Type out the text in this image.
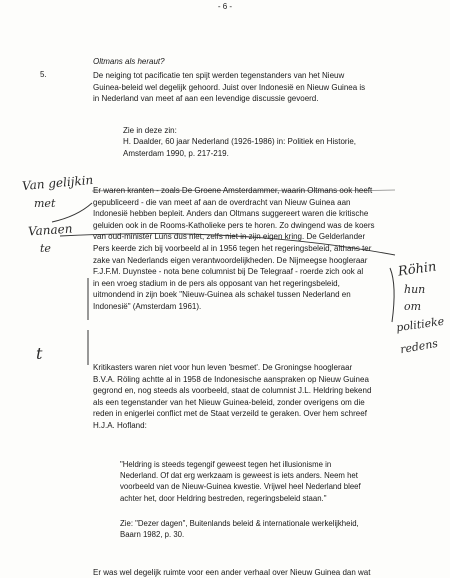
- 6 -
Oltmans als heraut?
5.	De neiging tot pacificatie ten spijt werden tegenstanders van het Nieuw
Guinea-beleid wel degelijk gehoord. Juist over Indonesië en Nieuw Guinea is
in Nederland van meet af aan een levendige discussie gevoerd.
Zie in deze zin:
H. Daalder, 60 jaar Nederland (1926-1986) in: Politiek en Historie,
Amsterdam 1990, p. 217-219.
Er waren kranten - zoals De Groene Amsterdammer, waarin Oltmans ook heeft
gepubliceerd - die van meet af aan de overdracht van Nieuw Guinea aan
Indonesië hebben bepleit. Anders dan Oltmans suggereert waren die kritische
geluiden ook in de Rooms-Katholieke pers te horen. Zo dwingend was de koers
van oud-minister Luns dus niet, zelfs niet in zijn eigen kring. De Gelderlander
Pers keerde zich bij voorbeeld al in 1956 tegen het regeringsbeleid, althans ter
zake van Nederlands eigen verantwoordelijkheden. De Nijmeegse hoogleraar
F.J.F.M. Duynstee - nota bene columnist bij De Telegraaf - roerde zich ook al
in een vroeg stadium in de pers als opposant van het regeringsbeleid,
uitmondend in zijn boek "Nieuw-Guinea als schakel tussen Nederland en
Indonesië" (Amsterdam 1961).
Kritikasters waren niet voor hun leven 'besmet'. De Groningse hoogleraar
B.V.A. Röling achtte al in 1958 de Indonesische aanspraken op Nieuw Guinea
gegrond en, nog steeds als voorbeeld, staat de columnist J.L. Heldring bekend
als een tegenstander van het Nieuw Guinea-beleid, zonder overigens om die
reden in enigerlei conflict met de Staat verzeild te geraken. Over hem schreef
H.J.A. Hofland:
"Heldring is steeds tegengif geweest tegen het illusionisme in
Nederland. Of dat erg werkzaam is geweest is iets anders. Neem het
voorbeeld van de Nieuw-Guinea kwestie. Vrijwel heel Nederland bleef
achter het, door Heldring bestreden, regeringsbeleid staan."
Zie: "Dezer dagen", Buitenlands beleid & internationale werkelijkheid,
Baarn 1982, p. 30.
Er was wel degelijk ruimte voor een ander verhaal over Nieuw Guinea dan wat
Van gelijkin
met
Vanaen
te
t
Röhin
hun
om
politieke
redens
